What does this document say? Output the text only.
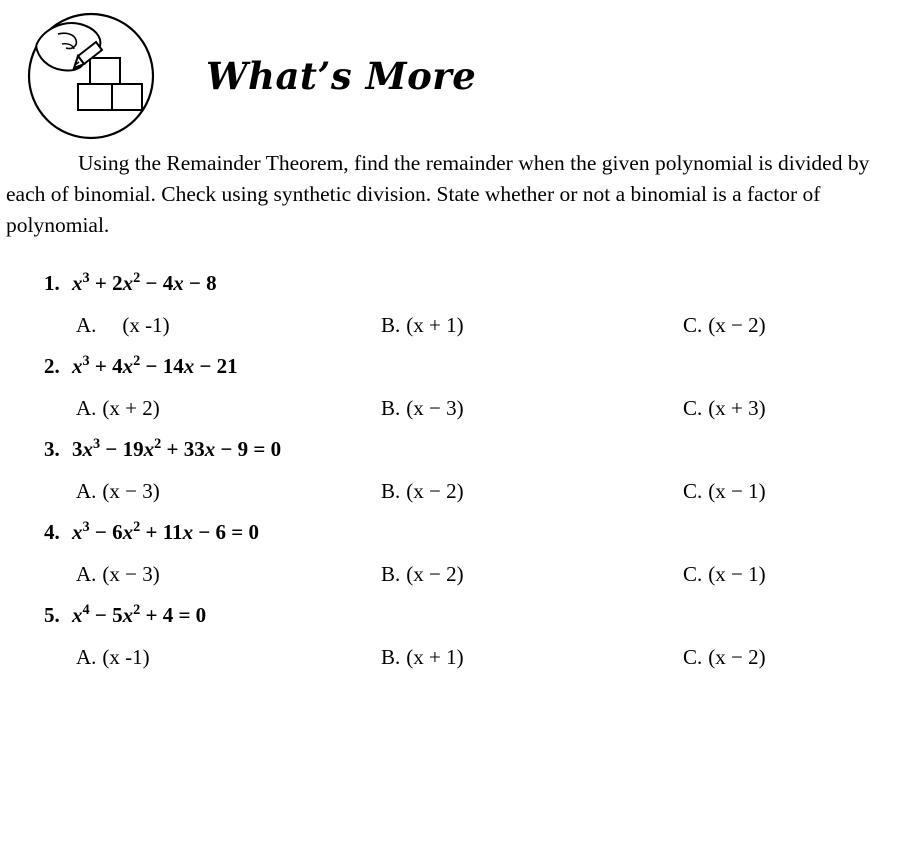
What’s More
Using the Remainder Theorem, find the remainder when the given polynomial is divided by each of binomial. Check using synthetic division. State whether or not a binomial is a factor of polynomial.
1. $x^3 + 2x^2 - 4x - 8$
A. (x -1)	B. (x + 1)	C. (x − 2)
2. $x^3 + 4x^2 - 14x - 21$
A. (x + 2)	B. (x − 3)	C. (x + 3)
3. $3x^3 - 19x^2 + 33x - 9 = 0$
A. (x − 3)	B. (x − 2)	C. (x − 1)
4. $x^3 - 6x^2 + 11x - 6 = 0$
A. (x − 3)	B. (x − 2)	C. (x − 1)
5. $x^4 - 5x^2 + 4 = 0$
A. (x -1)	B. (x + 1)	C. (x − 2)
